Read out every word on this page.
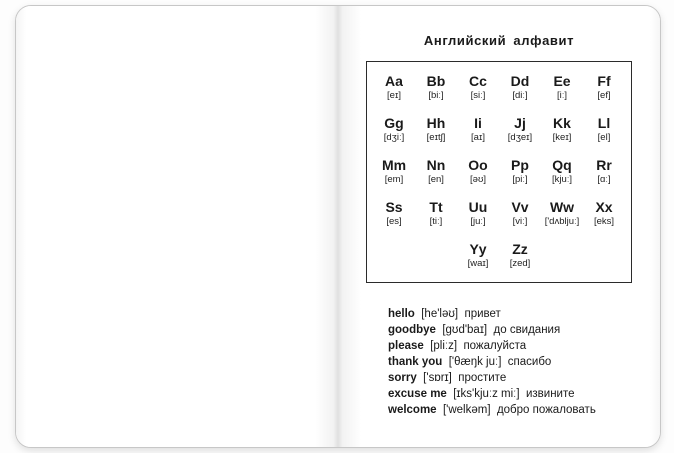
Английский алфавит
Aa
[eɪ]
Bb
[biː]
Cc
[siː]
Dd
[diː]
Ee
[iː]
Ff
[ef]
Gg
[dʒiː]
Hh
[eɪtʃ]
Ii
[aɪ]
Jj
[dʒeɪ]
Kk
[keɪ]
Ll
[el]
Mm
[em]
Nn
[en]
Oo
[əʊ]
Pp
[piː]
Qq
[kjuː]
Rr
[ɑː]
Ss
[es]
Tt
[tiː]
Uu
[juː]
Vv
[viː]
Ww
['dʌbljuː]
Xx
[eks]
Yy
[waɪ]
Zz
[zed]
hello [he'ləʊ] привет
goodbye [gʊd'baɪ] до свидания
please [pliːz] пожалуйста
thank you ['θæŋk juː] спасибо
sorry ['sɒrɪ] простите
excuse me [ɪks'kjuːz miː] извините
welcome ['welkəm] добро пожаловать
